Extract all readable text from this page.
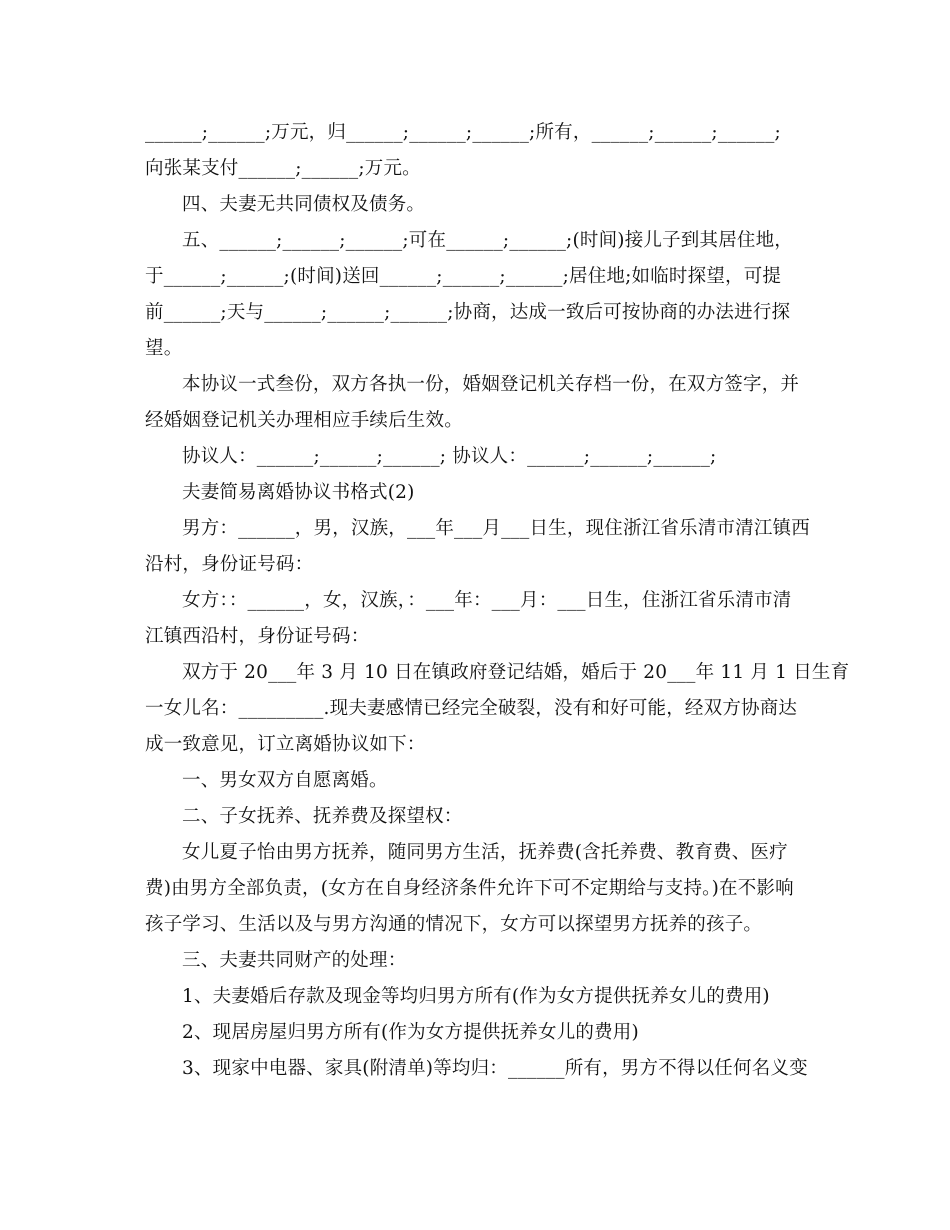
______;______;万元，归______;______;______;所有，______;______;______;
向张某支付______;______;万元。
四、夫妻无共同债权及债务。
五、______;______;______;可在______;______;(时间)接儿子到其居住地，
于______;______;(时间)送回______;______;______;居住地;如临时探望，可提
前______;天与______;______;______;协商，达成一致后可按协商的办法进行探
望。
本协议一式叁份，双方各执一份，婚姻登记机关存档一份，在双方签字，并
经婚姻登记机关办理相应手续后生效。
协议人：______;______;______; 协议人：______;______;______;
夫妻简易离婚协议书格式(2)
男方：______，男，汉族，___年___月___日生，现住浙江省乐清市清江镇西
沿村，身份证号码：
女方：：______，女，汉族，：___年：___月：___日生，住浙江省乐清市清
江镇西沿村，身份证号码：
双方于 20___年 3 月 10 日在镇政府登记结婚，婚后于 20___年 11 月 1 日生育
一女儿名：_________.现夫妻感情已经完全破裂，没有和好可能，经双方协商达
成一致意见，订立离婚协议如下：
一、男女双方自愿离婚。
二、子女抚养、抚养费及探望权：
女儿夏子怡由男方抚养，随同男方生活，抚养费(含托养费、教育费、医疗
费)由男方全部负责，(女方在自身经济条件允许下可不定期给与支持。)在不影响
孩子学习、生活以及与男方沟通的情况下，女方可以探望男方抚养的孩子。
三、夫妻共同财产的处理：
1、夫妻婚后存款及现金等均归男方所有(作为女方提供抚养女儿的费用)
2、现居房屋归男方所有(作为女方提供抚养女儿的费用)
3、现家中电器、家具(附清单)等均归：______所有，男方不得以任何名义变
